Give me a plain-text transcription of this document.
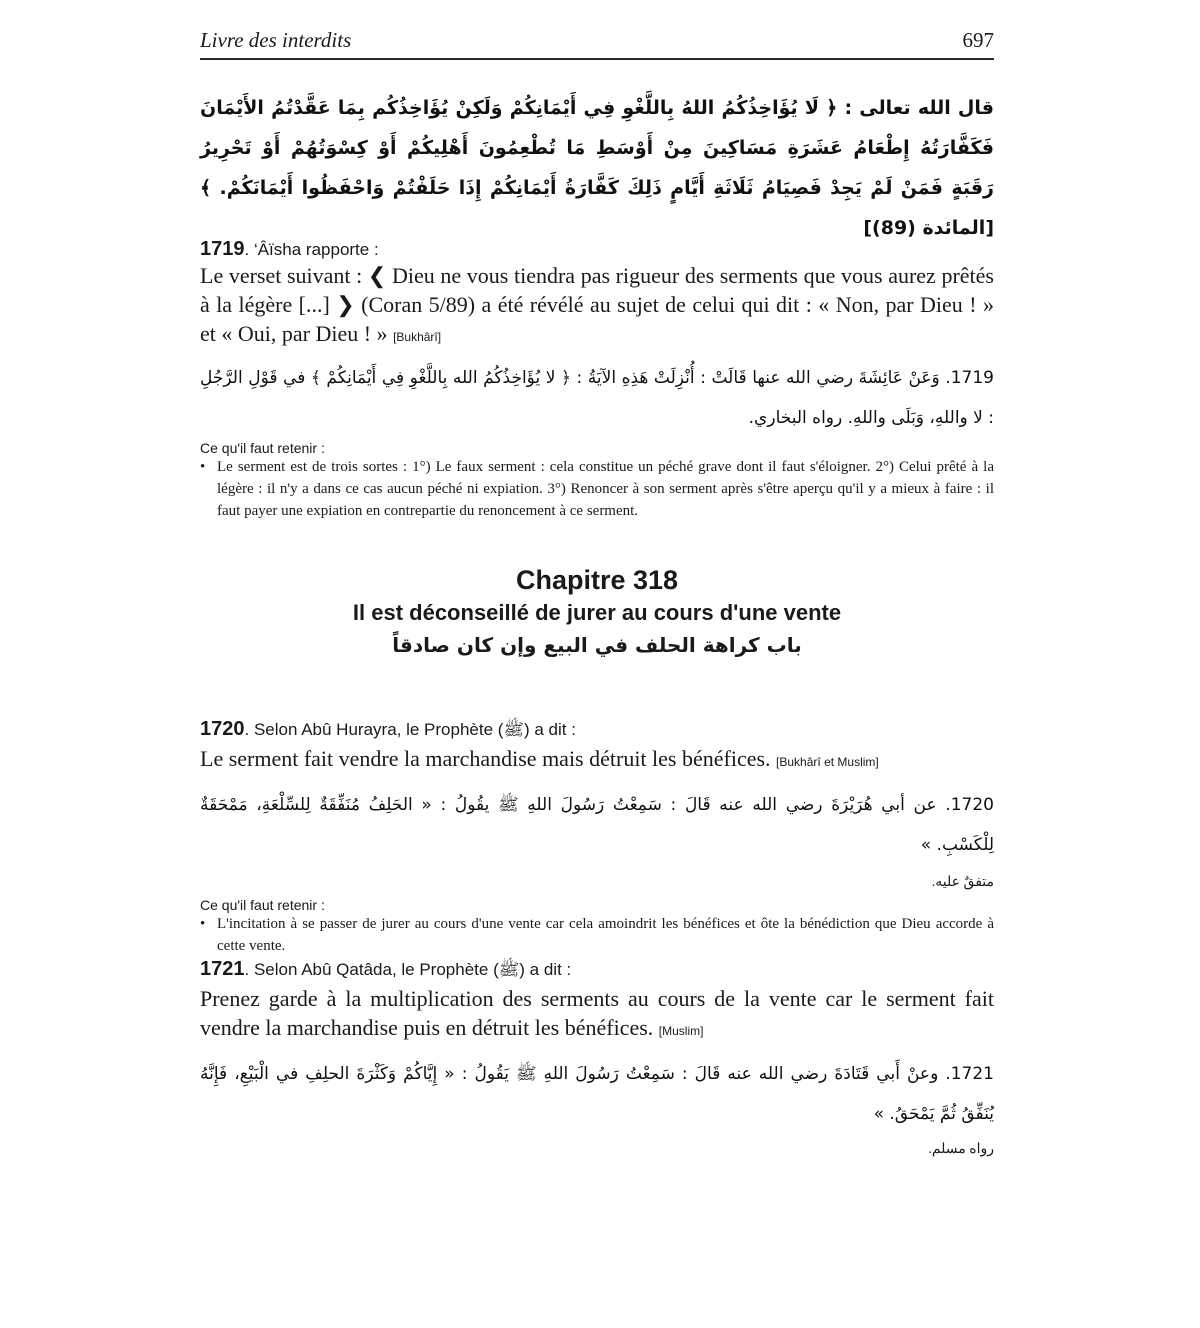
Livre des interdits	697
قال الله تعالى : ﴿ لَا يُؤَاخِذُكُمُ اللهُ بِاللَّغْوِ فِي أَيْمَانِكُمْ وَلَكِنْ يُؤَاخِذُكُم بِمَا عَقَّدْتُمُ الأَيْمَانَ فَكَفَّارَتُهُ إِطْعَامُ عَشَرَةِ مَسَاكِينَ مِنْ أَوْسَطِ مَا تُطْعِمُونَ أَهْلِيكُمْ أَوْ كِسْوَتُهُمْ أَوْ تَحْرِيرُ رَقَبَةٍ فَمَنْ لَمْ يَجِدْ فَصِيَامُ ثَلَاثَةِ أَيَّامٍ ذَلِكَ كَفَّارَةُ أَيْمَانِكُمْ إِذَا حَلَفْتُمْ وَاحْفَظُوا أَيْمَانَكُمْ. ﴾ [المائدة (89)]
1719. ‘Âïsha rapporte :
Le verset suivant : ❮ Dieu ne vous tiendra pas rigueur des serments que vous aurez prêtés à la légère [...] ❯ (Coran 5/89) a été révélé au sujet de celui qui dit : « Non, par Dieu ! » et « Oui, par Dieu ! » [Bukhârî]
1719. وَعَنْ عَائِشَةَ رضي الله عنها قَالَتْ : أُنْزِلَتْ هَذِهِ الآيَةُ : ﴿ لا يُؤَاخِذُكُمُ الله بِاللَّغْوِ فِي أَيْمَانِكُمْ ﴾ في قَوْلِ الرَّجُلِ : لا واللهِ، وَبَلَى واللهِ. رواه البخاري.
Ce qu'il faut retenir :
• Le serment est de trois sortes : 1°) Le faux serment : cela constitue un péché grave dont il faut s'éloigner. 2°) Celui prêté à la légère : il n'y a dans ce cas aucun péché ni expiation. 3°) Renoncer à son serment après s'être aperçu qu'il y a mieux à faire : il faut payer une expiation en contrepartie du renoncement à ce serment.
Chapitre 318
Il est déconseillé de jurer au cours d'une vente
باب كراهة الحلف في البيع وإن كان صادقاً
1720. Selon Abû Hurayra, le Prophète (ﷺ) a dit :
Le serment fait vendre la marchandise mais détruit les bénéfices. [Bukhârî et Muslim]
1720. عن أبي هُرَيْرَةَ رضي الله عنه قَالَ : سَمِعْتُ رَسُولَ اللهِ ﷺ يقُولُ : « الحَلِفُ مُنَفِّقَةٌ لِلسِّلْعَةِ، مَمْحَقَةٌ لِلْكَسْبِ. »
متفقٌ عليه.
Ce qu'il faut retenir :
• L'incitation à se passer de jurer au cours d'une vente car cela amoindrit les bénéfices et ôte la bénédiction que Dieu accorde à cette vente.
1721. Selon Abû Qatâda, le Prophète (ﷺ) a dit :
Prenez garde à la multiplication des serments au cours de la vente car le serment fait vendre la marchandise puis en détruit les bénéfices. [Muslim]
1721. وعنْ أَبي قَتَادَةَ رضي الله عنه قَالَ : سَمِعْتُ رَسُولَ اللهِ ﷺ يَقُولُ : « إِيَّاكُمْ وَكَثْرَةَ الحلِفِ في الْبَيْعِ، فَإِنَّهُ يُنَفِّقُ ثُمَّ يَمْحَقُ. »
رواه مسلم.
